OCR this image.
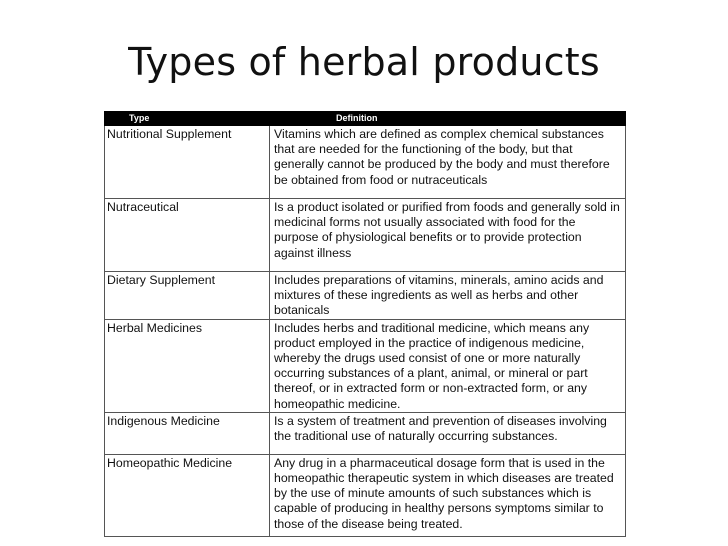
Types of herbal products
Type	Definition
Nutritional Supplement	Vitamins which are defined as complex chemical substances that are needed for the functioning of the body, but that generally cannot be produced by the body and must therefore be obtained from food or nutraceuticals
Nutraceutical	Is a product isolated or purified from foods and generally sold in medicinal forms not usually associated with food for the purpose of physiological benefits or to provide protection against illness
Dietary Supplement	Includes preparations of vitamins, minerals, amino acids and mixtures of these ingredients as well as herbs and other botanicals
Herbal Medicines	Includes herbs and traditional medicine, which means any product employed in the practice of indigenous medicine, whereby the drugs used consist of one or more naturally occurring substances of a plant, animal, or mineral or part thereof, or in extracted form or non-extracted form, or any homeopathic medicine.
Indigenous Medicine	Is a system of treatment and prevention of diseases involving the traditional use of naturally occurring substances.
Homeopathic Medicine	Any drug in a pharmaceutical dosage form that is used in the homeopathic therapeutic system in which diseases are treated by the use of minute amounts of such substances which is capable of producing in healthy persons symptoms similar to those of the disease being treated.
